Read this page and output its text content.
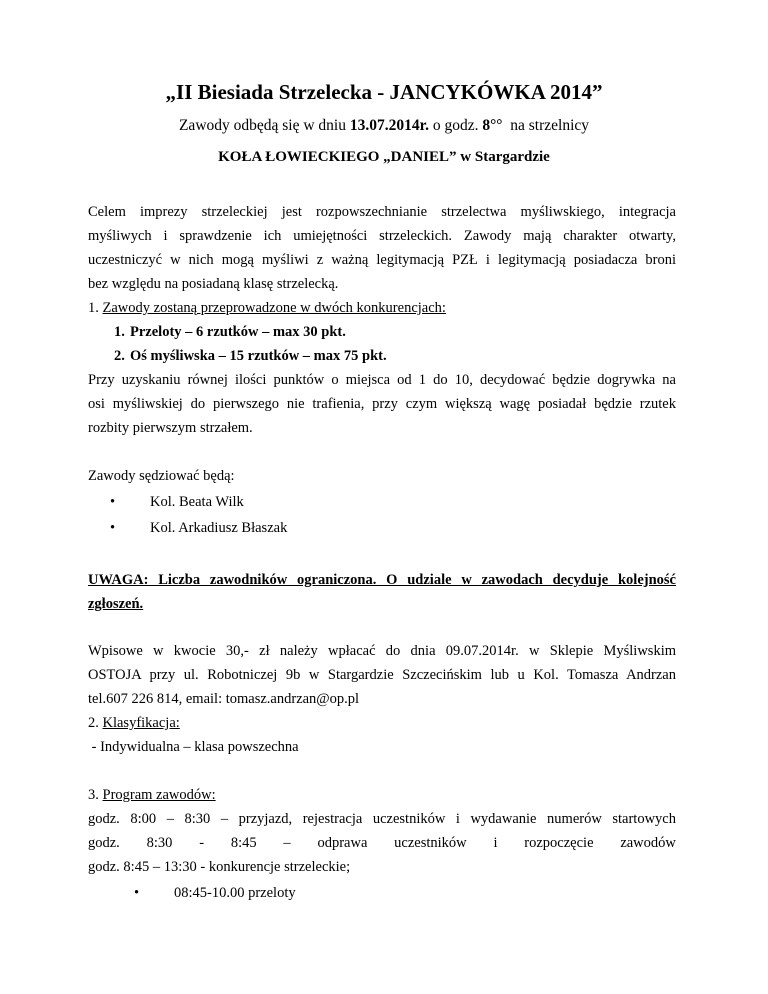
„II Biesiada Strzelecka - JANCYKÓWKA 2014”
Zawody odbędą się w dniu 13.07.2014r. o godz. 8°°  na strzelnicy
KOŁA ŁOWIECKIEGO „DANIEL” w Stargardzie
Celem imprezy strzeleckiej jest rozpowszechnianie strzelectwa myśliwskiego, integracja
myśliwych i sprawdzenie ich umiejętności strzeleckich. Zawody mają charakter otwarty,
uczestniczyć w nich mogą myśliwi z ważną legitymacją PZŁ i legitymacją posiadacza broni
bez względu na posiadaną klasę strzelecką.
1. Zawody zostaną przeprowadzone w dwóch konkurencjach:
1. Przeloty – 6 rzutków – max 30 pkt.
2. Oś myśliwska – 15 rzutków – max 75 pkt.
Przy uzyskaniu równej ilości punktów o miejsca od 1 do 10, decydować będzie dogrywka na
osi myśliwskiej do pierwszego nie trafienia, przy czym większą wagę posiadał będzie rzutek
rozbity pierwszym strzałem.
Zawody sędziować będą:
• Kol. Beata Wilk
• Kol. Arkadiusz Błaszak
UWAGA: Liczba zawodników ograniczona. O udziale w zawodach decyduje kolejność
zgłoszeń.
Wpisowe w kwocie 30,- zł należy wpłacać do dnia 09.07.2014r. w Sklepie Myśliwskim
OSTOJA przy ul. Robotniczej 9b w Stargardzie Szczecińskim lub u Kol. Tomasza Andrzan
tel.607 226 814, email: tomasz.andrzan@op.pl
2. Klasyfikacja:
- Indywidualna – klasa powszechna
3. Program zawodów:
godz. 8:00 – 8:30 – przyjazd, rejestracja uczestników i wydawanie numerów startowych
godz. 8:30 - 8:45 – odprawa uczestników i rozpoczęcie zawodów
godz. 8:45 – 13:30 - konkurencje strzeleckie;
• 08:45-10.00 przeloty
